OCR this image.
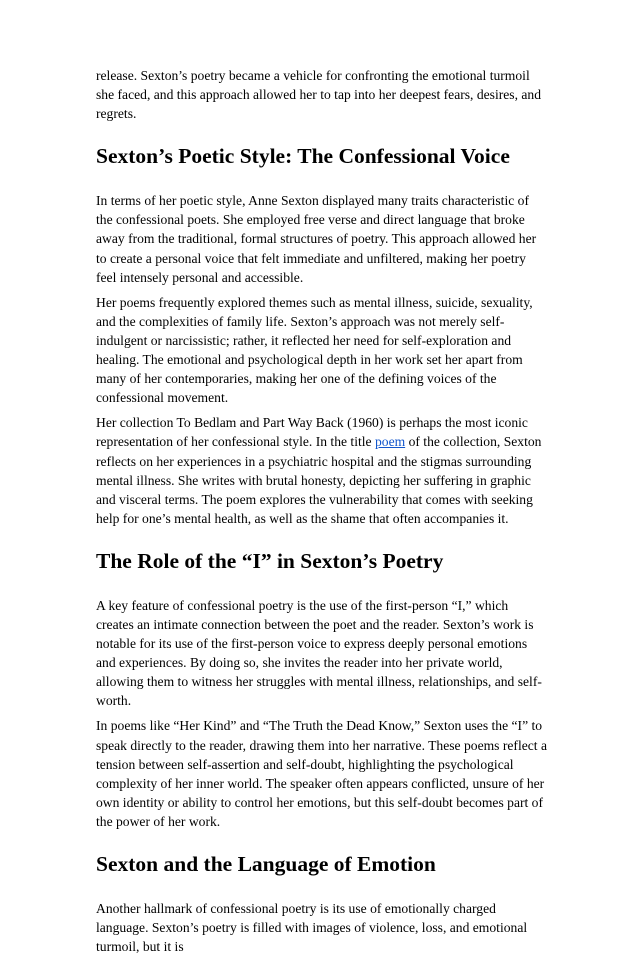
release. Sexton’s poetry became a vehicle for confronting the emotional turmoil she faced, and this approach allowed her to tap into her deepest fears, desires, and regrets.

Sexton’s Poetic Style: The Confessional Voice

In terms of her poetic style, Anne Sexton displayed many traits characteristic of the confessional poets. She employed free verse and direct language that broke away from the traditional, formal structures of poetry. This approach allowed her to create a personal voice that felt immediate and unfiltered, making her poetry feel intensely personal and accessible.

Her poems frequently explored themes such as mental illness, suicide, sexuality, and the complexities of family life. Sexton’s approach was not merely self-indulgent or narcissistic; rather, it reflected her need for self-exploration and healing. The emotional and psychological depth in her work set her apart from many of her contemporaries, making her one of the defining voices of the confessional movement.

Her collection To Bedlam and Part Way Back (1960) is perhaps the most iconic representation of her confessional style. In the title poem of the collection, Sexton reflects on her experiences in a psychiatric hospital and the stigmas surrounding mental illness. She writes with brutal honesty, depicting her suffering in graphic and visceral terms. The poem explores the vulnerability that comes with seeking help for one’s mental health, as well as the shame that often accompanies it.

The Role of the “I” in Sexton’s Poetry

A key feature of confessional poetry is the use of the first-person “I,” which creates an intimate connection between the poet and the reader. Sexton’s work is notable for its use of the first-person voice to express deeply personal emotions and experiences. By doing so, she invites the reader into her private world, allowing them to witness her struggles with mental illness, relationships, and self-worth.

In poems like “Her Kind” and “The Truth the Dead Know,” Sexton uses the “I” to speak directly to the reader, drawing them into her narrative. These poems reflect a tension between self-assertion and self-doubt, highlighting the psychological complexity of her inner world. The speaker often appears conflicted, unsure of her own identity or ability to control her emotions, but this self-doubt becomes part of the power of her work.

Sexton and the Language of Emotion

Another hallmark of confessional poetry is its use of emotionally charged language. Sexton’s poetry is filled with images of violence, loss, and emotional turmoil, but it is
